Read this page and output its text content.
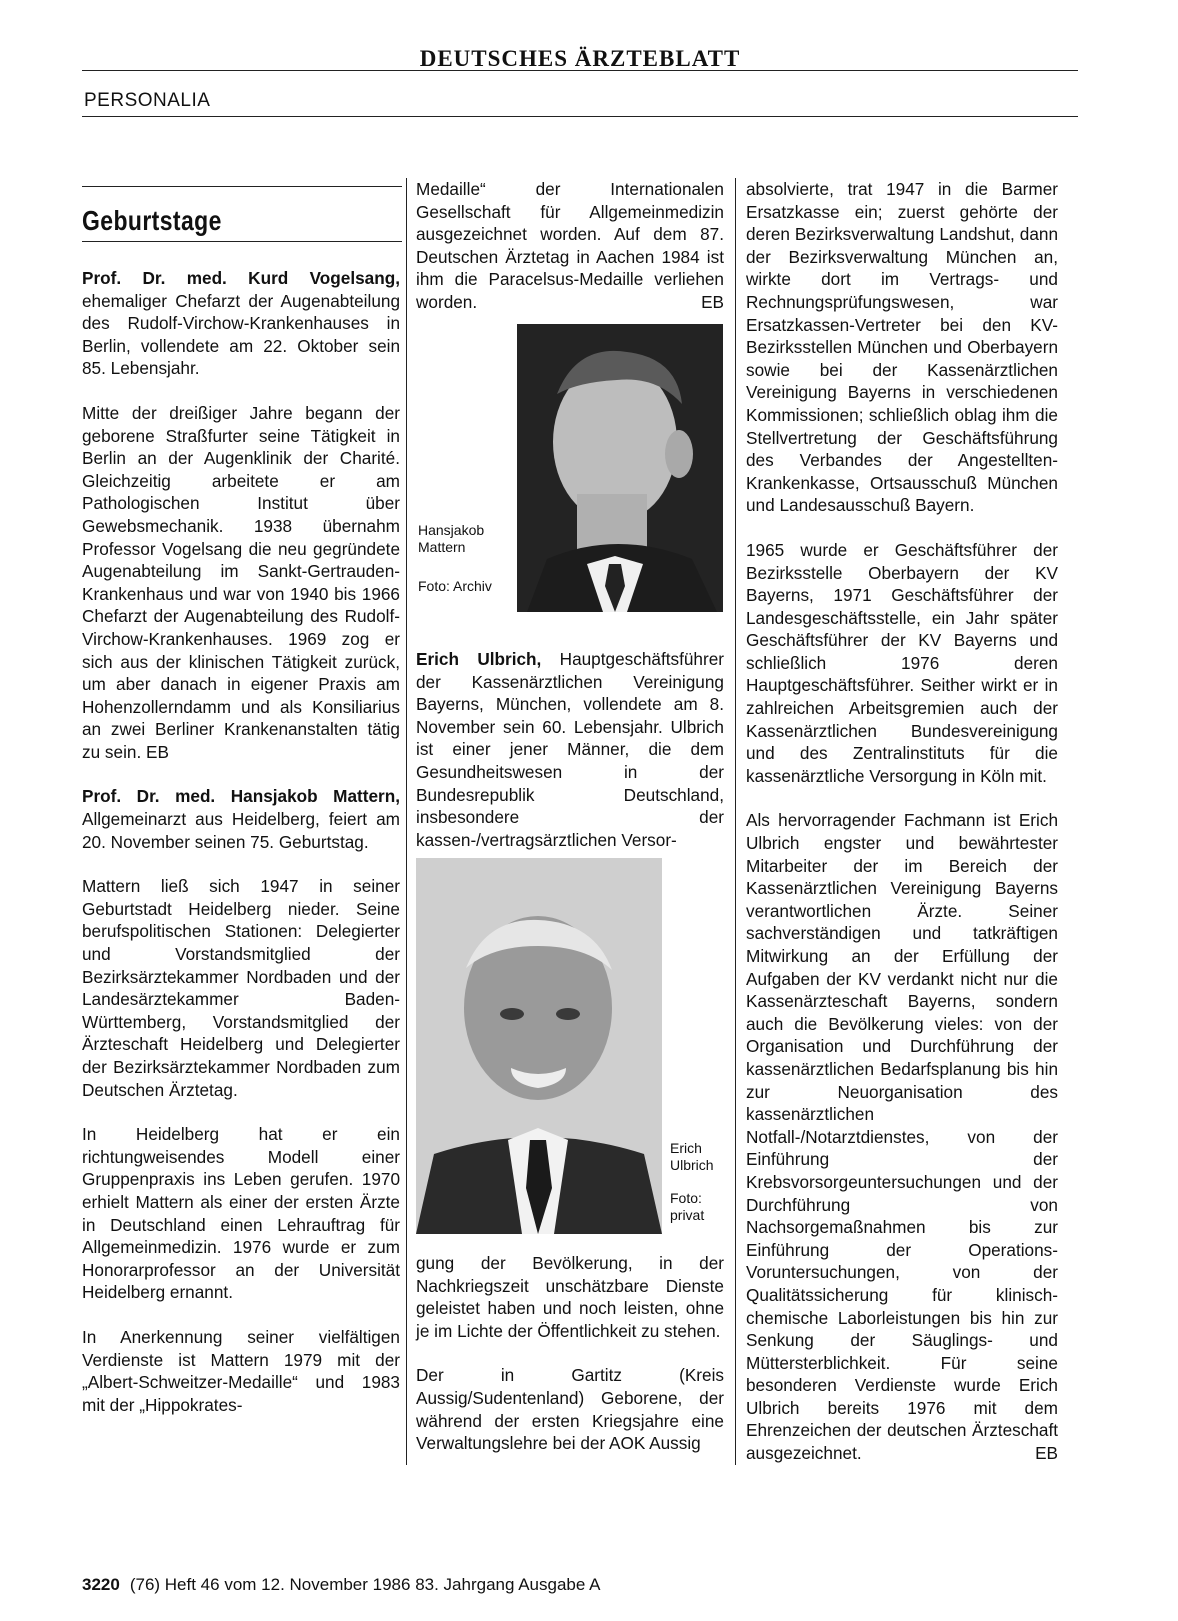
DEUTSCHES ÄRZTEBLATT
PERSONALIA
Geburtstage

Prof. Dr. med. Kurd Vogelsang, ehemaliger Chefarzt der Augenabteilung des Rudolf-Virchow-Krankenhauses in Berlin, vollendete am 22. Oktober sein 85. Lebensjahr.

Mitte der dreißiger Jahre begann der geborene Straßfurter seine Tätigkeit in Berlin an der Augenklinik der Charité. Gleichzeitig arbeitete er am Pathologischen Institut über Gewebsmechanik. 1938 übernahm Professor Vogelsang die neu gegründete Augenabteilung im Sankt-Gertrauden-Krankenhaus und war von 1940 bis 1966 Chefarzt der Augenabteilung des Rudolf-Virchow-Krankenhauses. 1969 zog er sich aus der klinischen Tätigkeit zurück, um aber danach in eigener Praxis am Hohenzollerndamm und als Konsiliarius an zwei Berliner Krankenanstalten tätig zu sein. EB

Prof. Dr. med. Hansjakob Mattern, Allgemeinarzt aus Heidelberg, feiert am 20. November seinen 75. Geburtstag.

Mattern ließ sich 1947 in seiner Geburtstadt Heidelberg nieder. Seine berufspolitischen Stationen: Delegierter und Vorstandsmitglied der Bezirksärztekammer Nordbaden und der Landesärztekammer Baden-Württemberg, Vorstandsmitglied der Ärzteschaft Heidelberg und Delegierter der Bezirksärztekammer Nordbaden zum Deutschen Ärztetag.

In Heidelberg hat er ein richtungweisendes Modell einer Gruppenpraxis ins Leben gerufen. 1970 erhielt Mattern als einer der ersten Ärzte in Deutschland einen Lehrauftrag für Allgemeinmedizin. 1976 wurde er zum Honorarprofessor an der Universität Heidelberg ernannt.

In Anerkennung seiner vielfältigen Verdienste ist Mattern 1979 mit der „Albert-Schweitzer-Medaille“ und 1983 mit der „Hippokrates-

Medaille“ der Internationalen Gesellschaft für Allgemeinmedizin ausgezeichnet worden. Auf dem 87. Deutschen Ärztetag in Aachen 1984 ist ihm die Paracelsus-Medaille verliehen worden.	EB

Hansjakob Mattern
Foto: Archiv

Erich Ulbrich, Hauptgeschäftsführer der Kassenärztlichen Vereinigung Bayerns, München, vollendete am 8. November sein 60. Lebensjahr. Ulbrich ist einer jener Männer, die dem Gesundheitswesen in der Bundesrepublik Deutschland, insbesondere der kassen-/vertragsärztlichen Versor-

Erich Ulbrich
Foto: privat

gung der Bevölkerung, in der Nachkriegszeit unschätzbare Dienste geleistet haben und noch leisten, ohne je im Lichte der Öffentlichkeit zu stehen.

Der in Gartitz (Kreis Aussig/Sudentenland) Geborene, der während der ersten Kriegsjahre eine Verwaltungslehre bei der AOK Aussig

absolvierte, trat 1947 in die Barmer Ersatzkasse ein; zuerst gehörte der deren Bezirksverwaltung Landshut, dann der Bezirksverwaltung München an, wirkte dort im Vertrags- und Rechnungsprüfungswesen, war Ersatzkassen-Vertreter bei den KV-Bezirksstellen München und Oberbayern sowie bei der Kassenärztlichen Vereinigung Bayerns in verschiedenen Kommissionen; schließlich oblag ihm die Stellvertretung der Geschäftsführung des Verbandes der Angestellten-Krankenkasse, Ortsausschuß München und Landesausschuß Bayern.

1965 wurde er Geschäftsführer der Bezirksstelle Oberbayern der KV Bayerns, 1971 Geschäftsführer der Landesgeschäftsstelle, ein Jahr später Geschäftsführer der KV Bayerns und schließlich 1976 deren Hauptgeschäftsführer. Seither wirkt er in zahlreichen Arbeitsgremien auch der Kassenärztlichen Bundesvereinigung und des Zentralinstituts für die kassenärztliche Versorgung in Köln mit.

Als hervorragender Fachmann ist Erich Ulbrich engster und bewährtester Mitarbeiter der im Bereich der Kassenärztlichen Vereinigung Bayerns verantwortlichen Ärzte. Seiner sachverständigen und tatkräftigen Mitwirkung an der Erfüllung der Aufgaben der KV verdankt nicht nur die Kassenärzteschaft Bayerns, sondern auch die Bevölkerung vieles: von der Organisation und Durchführung der kassenärztlichen Bedarfsplanung bis hin zur Neuorganisation des kassenärztlichen Notfall-/Notarztdienstes, von der Einführung der Krebsvorsorgeuntersuchungen und der Durchführung von Nachsorgemaßnahmen bis zur Einführung der Operations-Voruntersuchungen, von der Qualitätssicherung für klinisch-chemische Laborleistungen bis hin zur Senkung der Säuglings- und Müttersterblichkeit. Für seine besonderen Verdienste wurde Erich Ulbrich bereits 1976 mit dem Ehrenzeichen der deutschen Ärzteschaft ausgezeichnet.	EB

3220 (76) Heft 46 vom 12. November 1986 83. Jahrgang Ausgabe A
